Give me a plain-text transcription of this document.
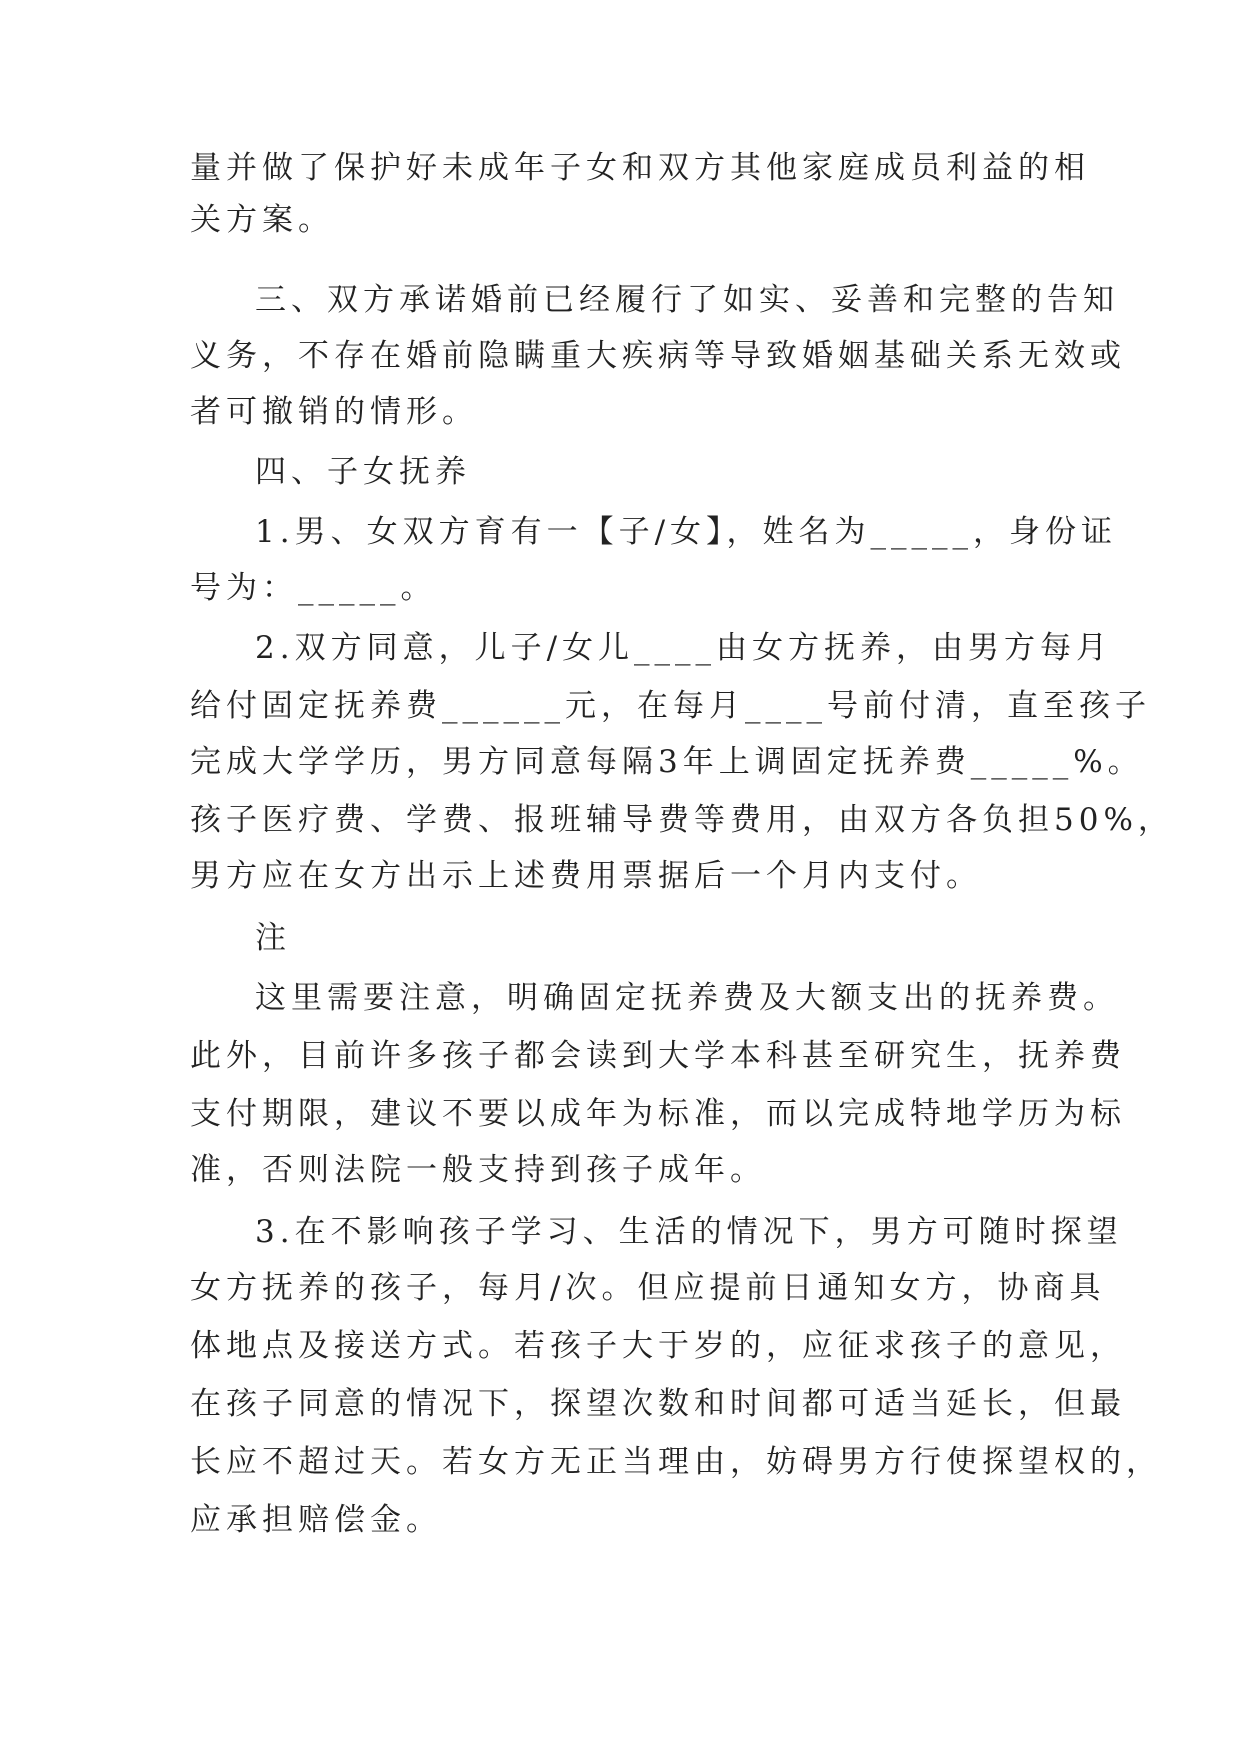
量并做了保护好未成年子女和双方其他家庭成员利益的相

关方案。

三、双方承诺婚前已经履行了如实、妥善和完整的告知

义务，不存在婚前隐瞒重大疾病等导致婚姻基础关系无效或

者可撤销的情形。

四、子女抚养

1.男、女双方育有一【子/女】，姓名为_____，身份证

号为：_____。

2.双方同意，儿子/女儿____由女方抚养，由男方每月

给付固定抚养费______元，在每月____号前付清，直至孩子

完成大学学历，男方同意每隔3年上调固定抚养费_____%。

孩子医疗费、学费、报班辅导费等费用，由双方各负担50%，

男方应在女方出示上述费用票据后一个月内支付。

注

这里需要注意，明确固定抚养费及大额支出的抚养费。

此外，目前许多孩子都会读到大学本科甚至研究生，抚养费

支付期限，建议不要以成年为标准，而以完成特地学历为标

准，否则法院一般支持到孩子成年。

3.在不影响孩子学习、生活的情况下，男方可随时探望

女方抚养的孩子，每月/次。但应提前日通知女方，协商具

体地点及接送方式。若孩子大于岁的，应征求孩子的意见，

在孩子同意的情况下，探望次数和时间都可适当延长，但最

长应不超过天。若女方无正当理由，妨碍男方行使探望权的，

应承担赔偿金。
